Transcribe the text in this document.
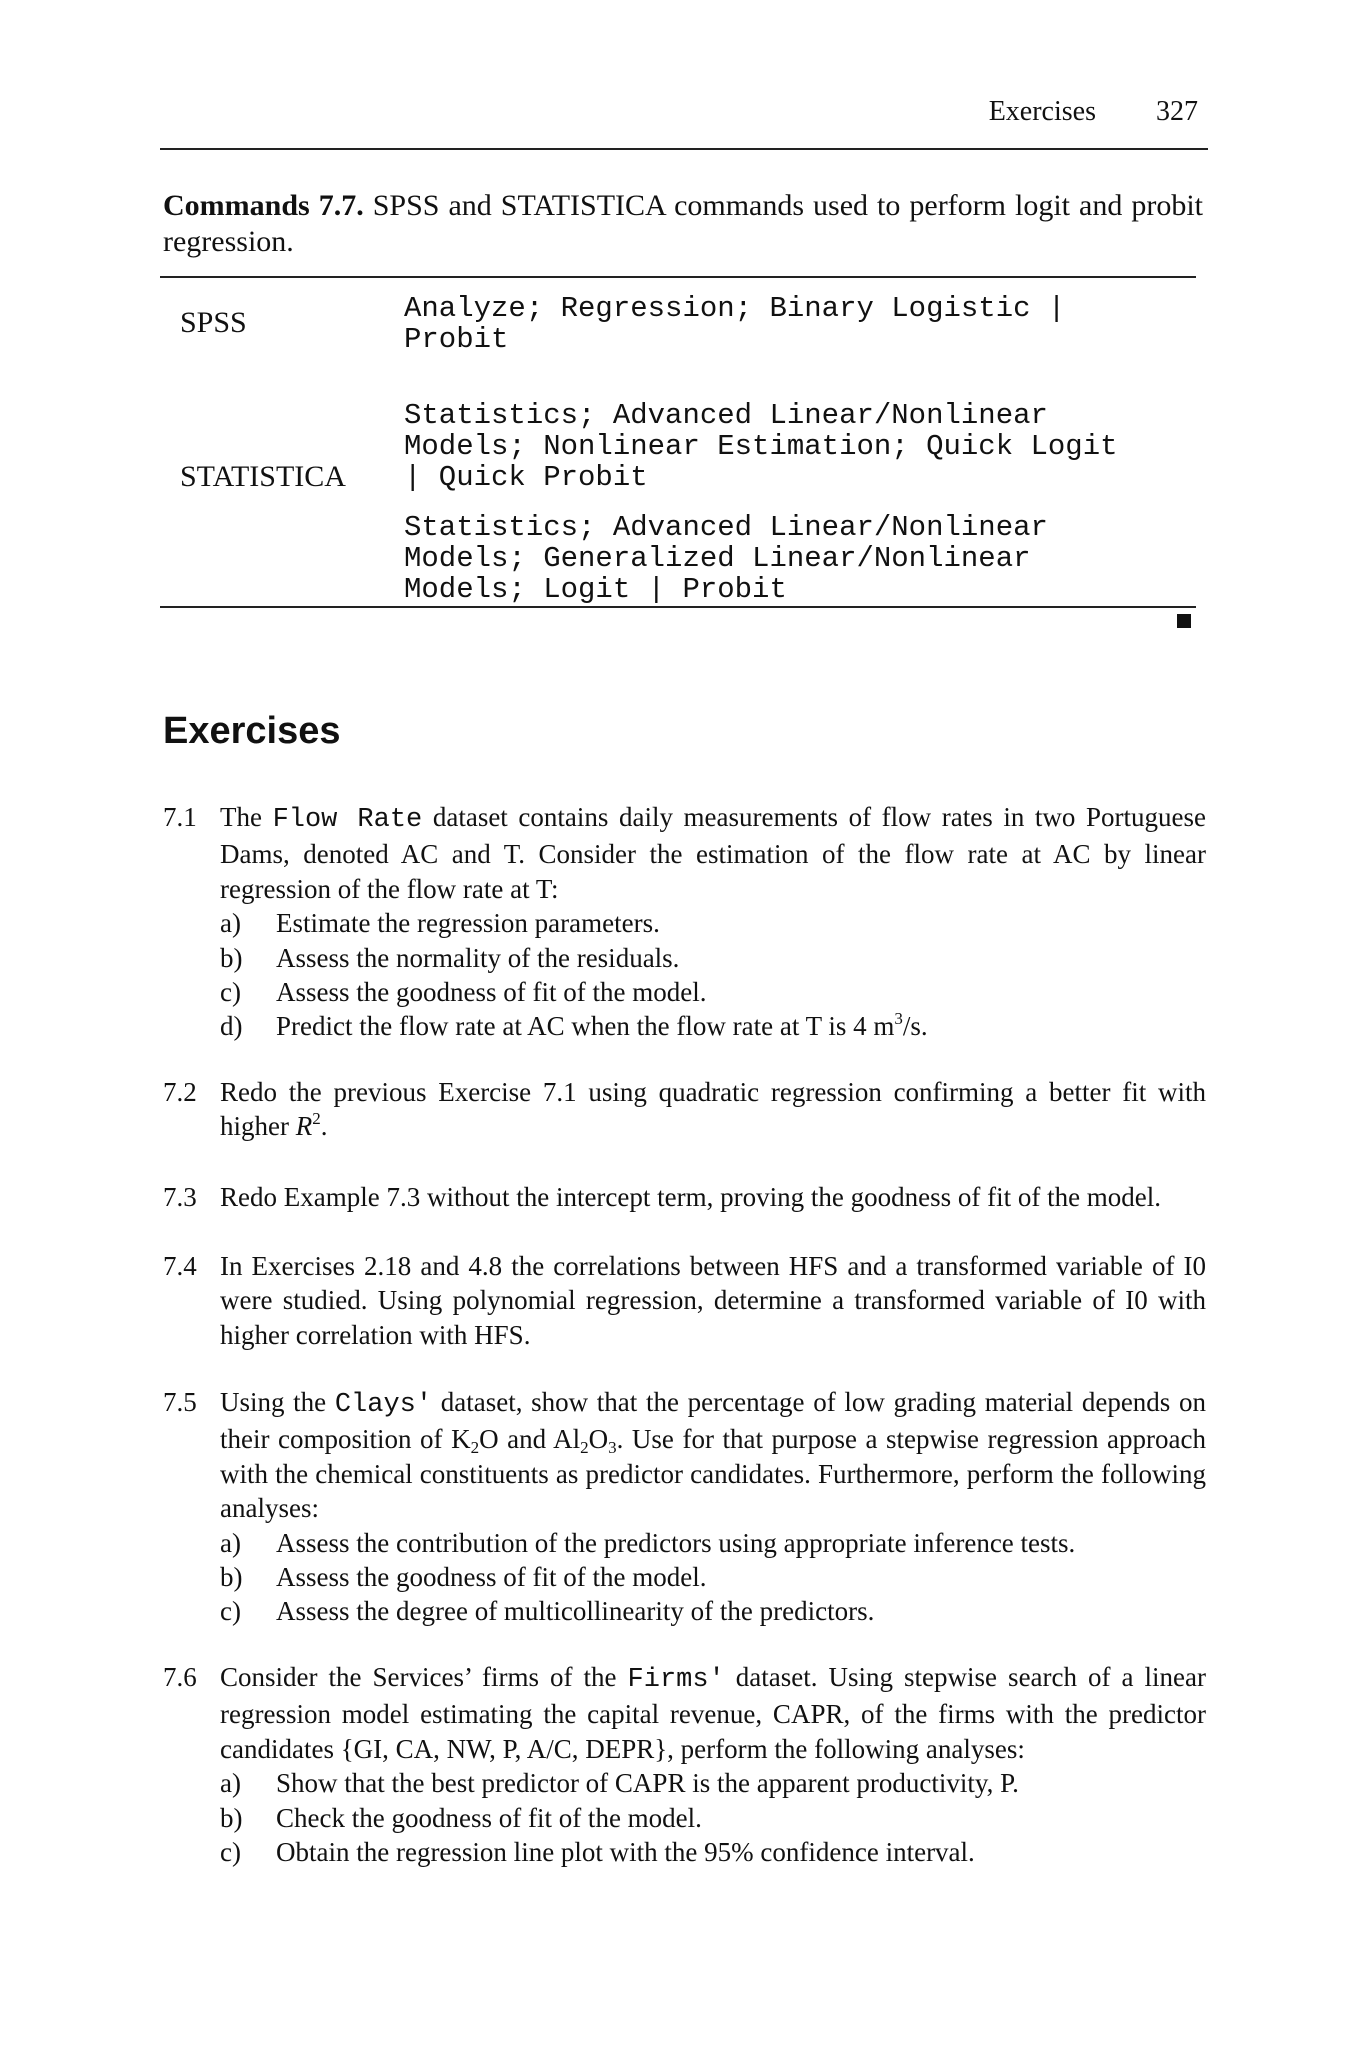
Exercises 327
Commands 7.7. SPSS and STATISTICA commands used to perform logit and probit regression.
SPSS	Analyze; Regression; Binary Logistic |
Probit
STATISTICA
Statistics; Advanced Linear/Nonlinear
Models; Nonlinear Estimation; Quick Logit
| Quick Probit
Statistics; Advanced Linear/Nonlinear
Models; Generalized Linear/Nonlinear
Models; Logit | Probit
Exercises
7.1 The Flow Rate dataset contains daily measurements of flow rates in two Portuguese Dams, denoted AC and T. Consider the estimation of the flow rate at AC by linear regression of the flow rate at T:
a) Estimate the regression parameters.
b) Assess the normality of the residuals.
c) Assess the goodness of fit of the model.
d) Predict the flow rate at AC when the flow rate at T is 4 $m^3/s$.
7.2 Redo the previous Exercise 7.1 using quadratic regression confirming a better fit with higher $R^2$.
7.3 Redo Example 7.3 without the intercept term, proving the goodness of fit of the model.
7.4 In Exercises 2.18 and 4.8 the correlations between HFS and a transformed variable of I0 were studied. Using polynomial regression, determine a transformed variable of I0 with higher correlation with HFS.
7.5 Using the Clays' dataset, show that the percentage of low grading material depends on their composition of $K_2O$ and $Al_2O_3$. Use for that purpose a stepwise regression approach with the chemical constituents as predictor candidates. Furthermore, perform the following analyses:
a) Assess the contribution of the predictors using appropriate inference tests.
b) Assess the goodness of fit of the model.
c) Assess the degree of multicollinearity of the predictors.
7.6 Consider the Services’ firms of the Firms' dataset. Using stepwise search of a linear regression model estimating the capital revenue, CAPR, of the firms with the predictor candidates {GI, CA, NW, P, A/C, DEPR}, perform the following analyses:
a) Show that the best predictor of CAPR is the apparent productivity, P.
b) Check the goodness of fit of the model.
c) Obtain the regression line plot with the 95% confidence interval.
